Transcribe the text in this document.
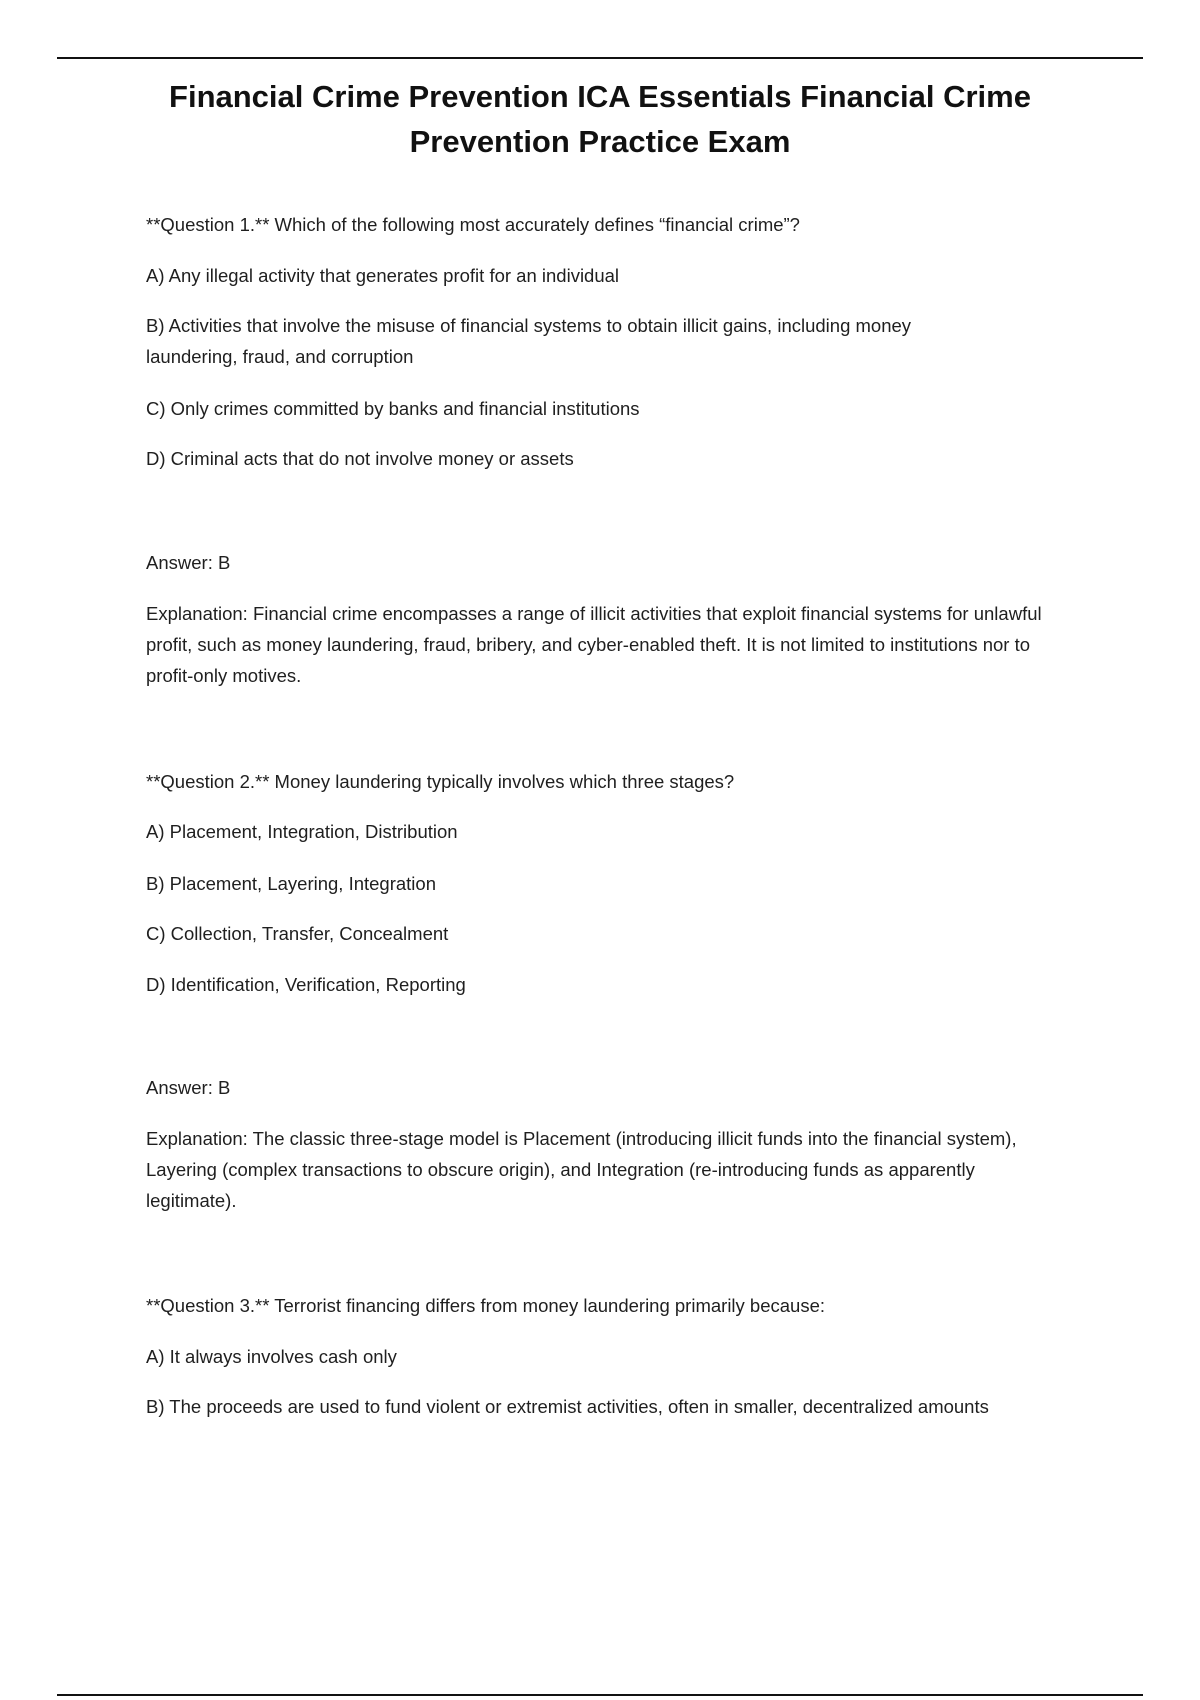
Financial Crime Prevention ICA Essentials Financial Crime Prevention Practice Exam

**Question 1.** Which of the following most accurately defines “financial crime”?

A) Any illegal activity that generates profit for an individual

B) Activities that involve the misuse of financial systems to obtain illicit gains, including money laundering, fraud, and corruption

C) Only crimes committed by banks and financial institutions

D) Criminal acts that do not involve money or assets

Answer: B

Explanation: Financial crime encompasses a range of illicit activities that exploit financial systems for unlawful profit, such as money laundering, fraud, bribery, and cyber-enabled theft. It is not limited to institutions nor to profit-only motives.

**Question 2.** Money laundering typically involves which three stages?

A) Placement, Integration, Distribution

B) Placement, Layering, Integration

C) Collection, Transfer, Concealment

D) Identification, Verification, Reporting

Answer: B

Explanation: The classic three-stage model is Placement (introducing illicit funds into the financial system), Layering (complex transactions to obscure origin), and Integration (re-introducing funds as apparently legitimate).

**Question 3.** Terrorist financing differs from money laundering primarily because:

A) It always involves cash only

B) The proceeds are used to fund violent or extremist activities, often in smaller, decentralized amounts
